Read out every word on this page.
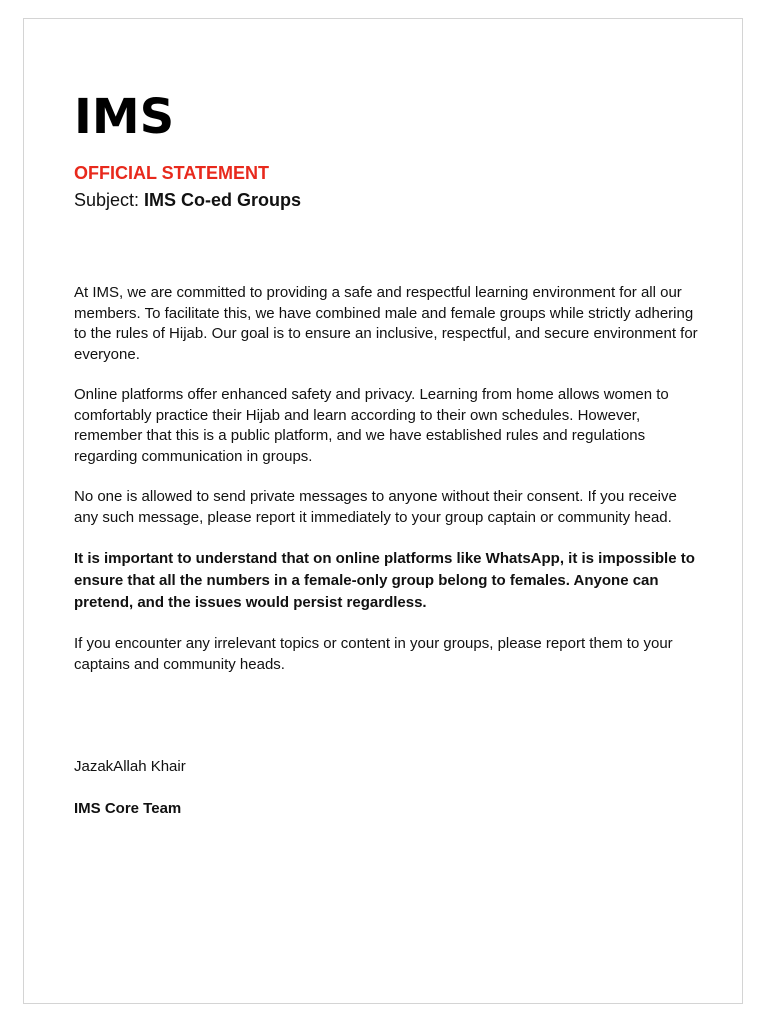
IMS

OFFICIAL STATEMENT

Subject: IMS Co-ed Groups

At IMS, we are committed to providing a safe and respectful learning environment for all our members. To facilitate this, we have combined male and female groups while strictly adhering to the rules of Hijab. Our goal is to ensure an inclusive, respectful, and secure environment for everyone.

Online platforms offer enhanced safety and privacy. Learning from home allows women to comfortably practice their Hijab and learn according to their own schedules. However, remember that this is a public platform, and we have established rules and regulations regarding communication in groups.

No one is allowed to send private messages to anyone without their consent. If you receive any such message, please report it immediately to your group captain or community head.

It is important to understand that on online platforms like WhatsApp, it is impossible to ensure that all the numbers in a female-only group belong to females. Anyone can pretend, and the issues would persist regardless.

If you encounter any irrelevant topics or content in your groups, please report them to your captains and community heads.

JazakAllah Khair

IMS Core Team
